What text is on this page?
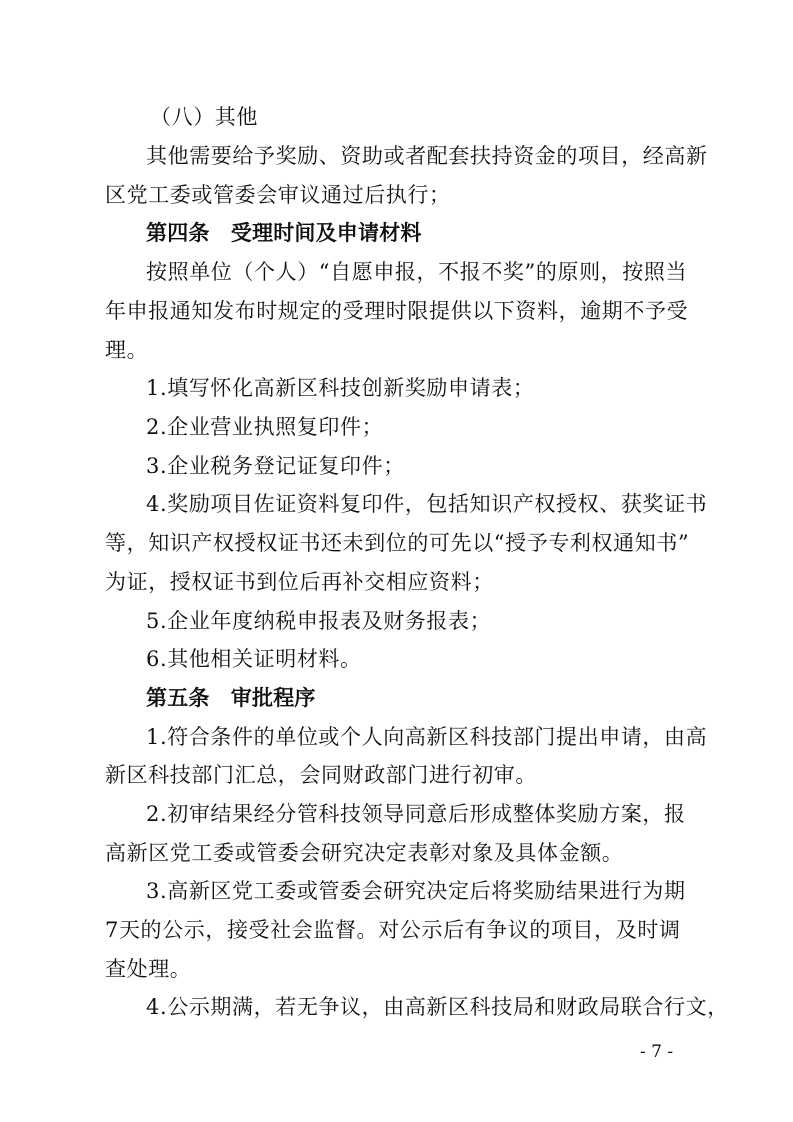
（八）其他
其他需要给予奖励、资助或者配套扶持资金的项目，经高新
区党工委或管委会审议通过后执行；
第四条　受理时间及申请材料
按照单位（个人）“自愿申报，不报不奖”的原则，按照当
年申报通知发布时规定的受理时限提供以下资料，逾期不予受
理。
1.填写怀化高新区科技创新奖励申请表；
2.企业营业执照复印件；
3.企业税务登记证复印件；
4.奖励项目佐证资料复印件，包括知识产权授权、获奖证书
等，知识产权授权证书还未到位的可先以“授予专利权通知书”
为证，授权证书到位后再补交相应资料；
5.企业年度纳税申报表及财务报表；
6.其他相关证明材料。
第五条　审批程序
1.符合条件的单位或个人向高新区科技部门提出申请，由高
新区科技部门汇总，会同财政部门进行初审。
2.初审结果经分管科技领导同意后形成整体奖励方案，报
高新区党工委或管委会研究决定表彰对象及具体金额。
3.高新区党工委或管委会研究决定后将奖励结果进行为期
7天的公示，接受社会监督。对公示后有争议的项目，及时调
查处理。
4.公示期满，若无争议，由高新区科技局和财政局联合行文，
- 7 -
